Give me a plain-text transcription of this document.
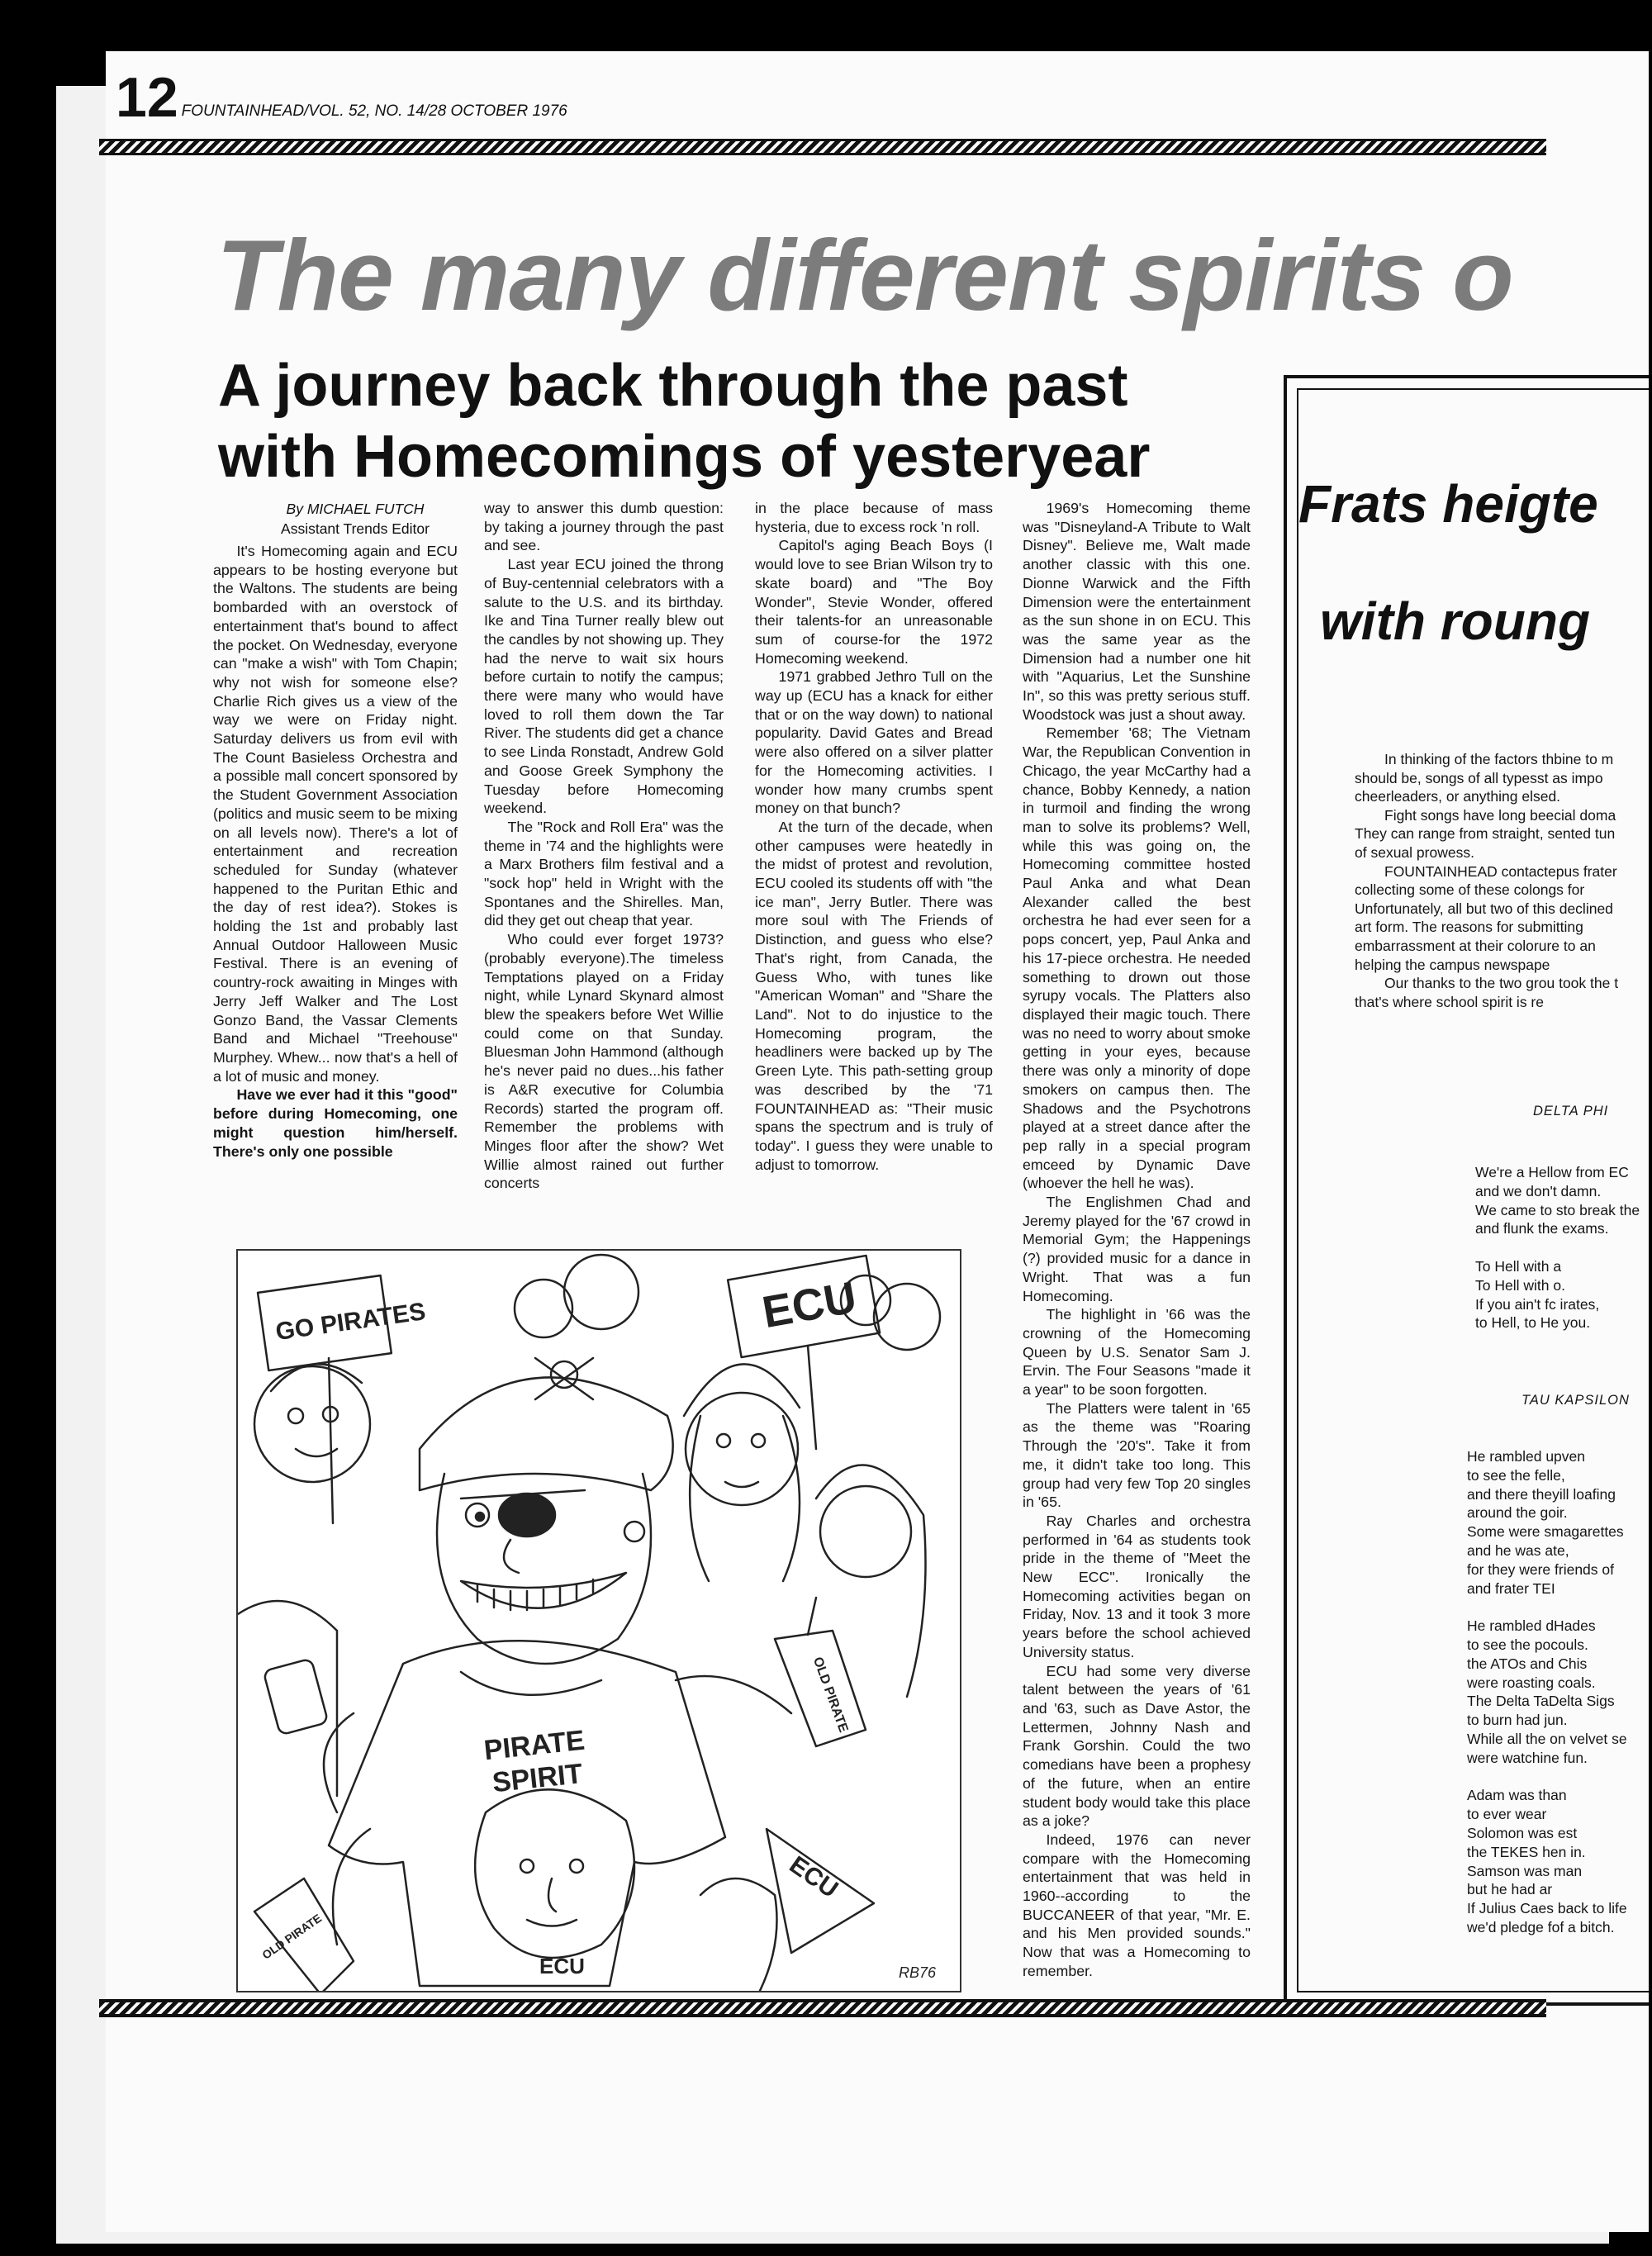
12 FOUNTAINHEAD/VOL. 52, NO. 14/28 OCTOBER 1976
The many different spirits o
A journey back through the past
with Homecomings of yesteryear
By MICHAEL FUTCH
Assistant Trends Editor

It's Homecoming again and ECU appears to be hosting everyone but the Waltons. The students are being bombarded with an overstock of entertainment that's bound to affect the pocket. On Wednesday, everyone can "make a wish" with Tom Chapin; why not wish for someone else? Charlie Rich gives us a view of the way we were on Friday night. Saturday delivers us from evil with The Count Basieless Orchestra and a possible mall concert sponsored by the Student Government Association (politics and music seem to be mixing on all levels now). There's a lot of entertainment and recreation scheduled for Sunday (whatever happened to the Puritan Ethic and the day of rest idea?). Stokes is holding the 1st and probably last Annual Outdoor Halloween Music Festival. There is an evening of country-rock awaiting in Minges with Jerry Jeff Walker and The Lost Gonzo Band, the Vassar Clements Band and Michael "Treehouse" Murphey. Whew... now that's a hell of a lot of music and money.

Have we ever had it this "good" before during Homecoming, one might question him/herself. There's only one possible

way to answer this dumb question: by taking a journey through the past and see.

Last year ECU joined the throng of Buy-centennial celebrators with a salute to the U.S. and its birthday. Ike and Tina Turner really blew out the candles by not showing up. They had the nerve to wait six hours before curtain to notify the campus; there were many who would have loved to roll them down the Tar River. The students did get a chance to see Linda Ronstadt, Andrew Gold and Goose Greek Symphony the Tuesday before Homecoming weekend.

The "Rock and Roll Era" was the theme in '74 and the highlights were a Marx Brothers film festival and a "sock hop" held in Wright with the Spontanes and the Shirelles. Man, did they get out cheap that year.

Who could ever forget 1973? (probably everyone).The timeless Temptations played on a Friday night, while Lynard Skynard almost blew the speakers before Wet Willie could come on that Sunday. Bluesman John Hammond (although he's never paid no dues...his father is A&R executive for Columbia Records) started the program off. Remember the problems with Minges floor after the show? Wet Willie almost rained out further concerts

in the place because of mass hysteria, due to excess rock 'n roll.

Capitol's aging Beach Boys (I would love to see Brian Wilson try to skate board) and "The Boy Wonder", Stevie Wonder, offered their talents-for an unreasonable sum of course-for the 1972 Homecoming weekend.

1971 grabbed Jethro Tull on the way up (ECU has a knack for either that or on the way down) to national popularity. David Gates and Bread were also offered on a silver platter for the Homecoming activities. I wonder how many crumbs spent money on that bunch?

At the turn of the decade, when other campuses were heatedly in the midst of protest and revolution, ECU cooled its students off with "the ice man", Jerry Butler. There was more soul with The Friends of Distinction, and guess who else? That's right, from Canada, the Guess Who, with tunes like "American Woman" and "Share the Land". Not to do injustice to the Homecoming program, the headliners were backed up by The Green Lyte. This path-setting group was described by the '71 FOUNTAINHEAD as: "Their music spans the spectrum and is truly of today". I guess they were unable to adjust to tomorrow.

1969's Homecoming theme was "Disneyland-A Tribute to Walt Disney". Believe me, Walt made another classic with this one. Dionne Warwick and the Fifth Dimension were the entertainment as the sun shone in on ECU. This was the same year as the Dimension had a number one hit with "Aquarius, Let the Sunshine In", so this was pretty serious stuff. Woodstock was just a shout away.

Remember '68; The Vietnam War, the Republican Convention in Chicago, the year McCarthy had a chance, Bobby Kennedy, a nation in turmoil and finding the wrong man to solve its problems? Well, while this was going on, the Homecoming committee hosted Paul Anka and what Dean Alexander called the best orchestra he had ever seen for a pops concert, yep, Paul Anka and his 17-piece orchestra. He needed something to drown out those syrupy vocals. The Platters also displayed their magic touch. There was no need to worry about smoke getting in your eyes, because there was only a minority of dope smokers on campus then. The Shadows and the Psychotrons played at a street dance after the pep rally in a special program emceed by Dynamic Dave (whoever the hell he was).

The Englishmen Chad and Jeremy played for the '67 crowd in Memorial Gym; the Happenings (?) provided music for a dance in Wright. That was a fun Homecoming.

The highlight in '66 was the crowning of the Homecoming Queen by U.S. Senator Sam J. Ervin. The Four Seasons "made it a year" to be soon forgotten.

The Platters were talent in '65 as the theme was "Roaring Through the '20's". Take it from me, it didn't take too long. This group had very few Top 20 singles in '65.

Ray Charles and orchestra performed in '64 as students took pride in the theme of "Meet the New ECC". Ironically the Homecoming activities began on Friday, Nov. 13 and it took 3 more years before the school achieved University status.

ECU had some very diverse talent between the years of '61 and '63, such as Dave Astor, the Lettermen, Johnny Nash and Frank Gorshin. Could the two comedians have been a prophesy of the future, when an entire student body would take this place as a joke?

Indeed, 1976 can never compare with the Homecoming entertainment that was held in 1960--according to the BUCCANEER of that year, "Mr. E. and his Men provided sounds." Now that was a Homecoming to remember.

GO PIRATES	ECU
PIRATE
SPIRIT
OLD PIRATE
OLD PIRATE
ECU
ECU
RB76
Frats heigte
with roung

In thinking of the factors thbine to m

should be, songs of all typesst as impo

cheerleaders, or anything elsed.

Fight songs have long beecial doma

They can range from straight, sented tun

of sexual prowess.

FOUNTAINHEAD contactepus frater

collecting some of these colongs for

Unfortunately, all but two of this declined

art form. The reasons for submitting

embarrassment at their colorure to an

helping the campus newspape

Our thanks to the two grou took the t

that's where school spirit is re

DELTA PHI

We're a Hellow from EC

and we don't damn.

We came to sto break the

and flunk the exams.

To Hell with a

To Hell with o.

If you ain't fc irates,

to Hell, to He you.

TAU KAPSILON

He rambled upven

to see the felle,

and there theyill loafing

around the goir.

Some were smagarettes

and he was ate,

for they were friends of

and frater TEI

He rambled dHades

to see the pocouls.

the ATOs and Chis

were roasting coals.

The Delta TaDelta Sigs

to burn had jun.

While all the on velvet se

were watchine fun.

Adam was than

to ever wear

Solomon was est

the TEKES hen in.

Samson was man

but he had ar

If Julius Caes back to life

we'd pledge fof a bitch.
